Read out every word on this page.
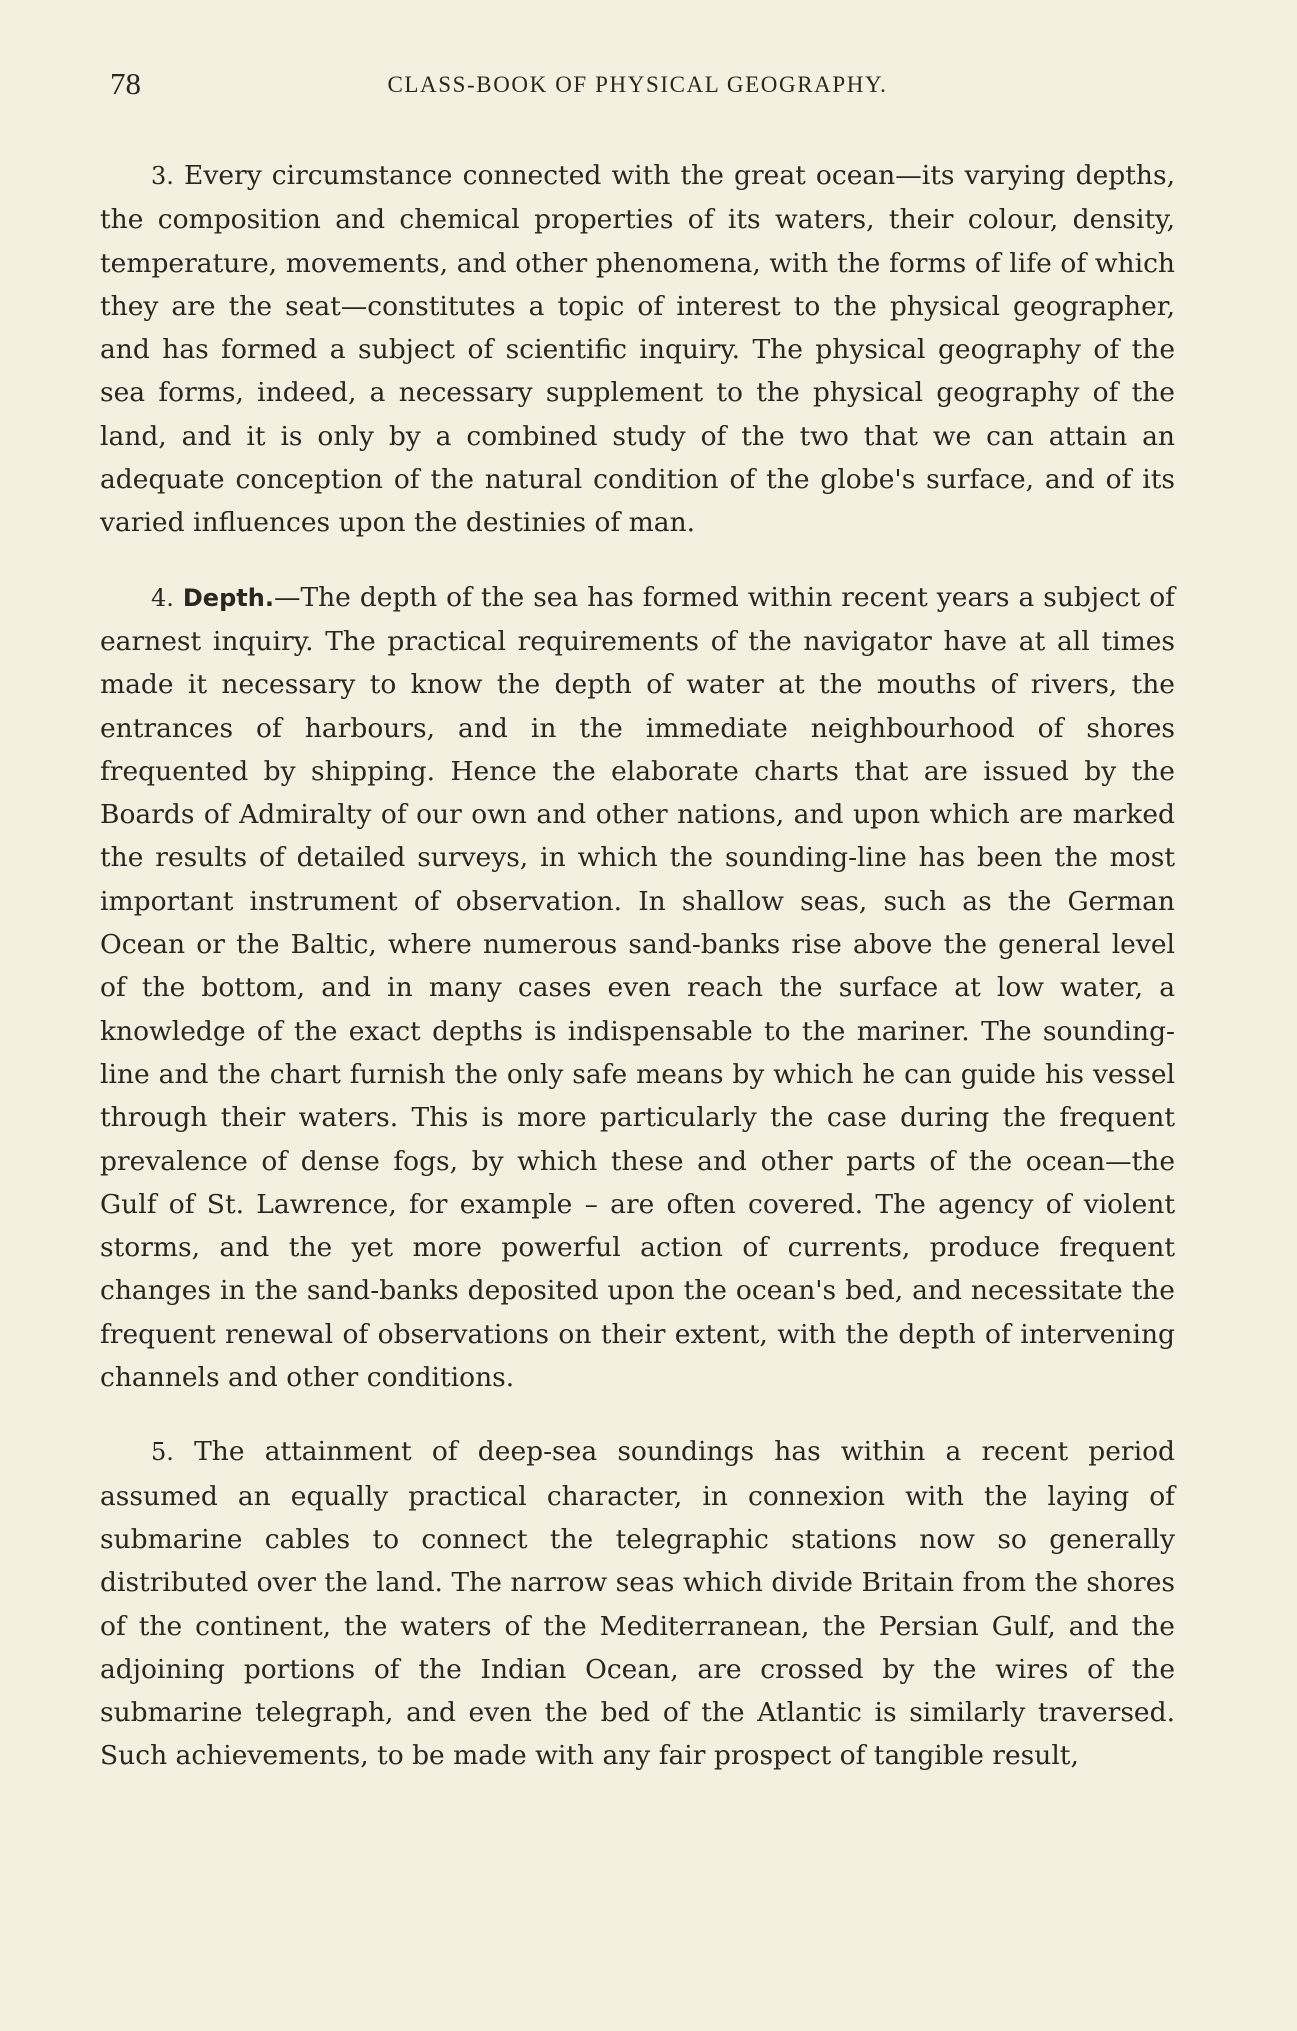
78	CLASS-BOOK OF PHYSICAL GEOGRAPHY.

3. Every circumstance connected with the great ocean—its varying depths, the composition and chemical properties of its waters, their colour, density, temperature, movements, and other phenomena, with the forms of life of which they are the seat—constitutes a topic of interest to the physical geographer, and has formed a subject of scientific inquiry. The physical geography of the sea forms, indeed, a necessary supplement to the physical geography of the land, and it is only by a combined study of the two that we can attain an adequate conception of the natural condition of the globe's surface, and of its varied influences upon the destinies of man.

4. Depth.—The depth of the sea has formed within recent years a subject of earnest inquiry. The practical requirements of the navigator have at all times made it necessary to know the depth of water at the mouths of rivers, the entrances of harbours, and in the immediate neighbourhood of shores frequented by shipping. Hence the elaborate charts that are issued by the Boards of Admiralty of our own and other nations, and upon which are marked the results of detailed surveys, in which the sounding-line has been the most important instrument of observation. In shallow seas, such as the German Ocean or the Baltic, where numerous sand-banks rise above the general level of the bottom, and in many cases even reach the surface at low water, a knowledge of the exact depths is indispensable to the mariner. The sounding-line and the chart furnish the only safe means by which he can guide his vessel through their waters. This is more particularly the case during the frequent prevalence of dense fogs, by which these and other parts of the ocean—the Gulf of St. Lawrence, for example – are often covered. The agency of violent storms, and the yet more powerful action of currents, produce frequent changes in the sand-banks deposited upon the ocean's bed, and necessitate the frequent renewal of observations on their extent, with the depth of intervening channels and other conditions.

5. The attainment of deep-sea soundings has within a recent period assumed an equally practical character, in connexion with the laying of submarine cables to connect the telegraphic stations now so generally distributed over the land. The narrow seas which divide Britain from the shores of the continent, the waters of the Mediterranean, the Persian Gulf, and the adjoining portions of the Indian Ocean, are crossed by the wires of the submarine telegraph, and even the bed of the Atlantic is similarly traversed. Such achievements, to be made with any fair prospect of tangible result,
